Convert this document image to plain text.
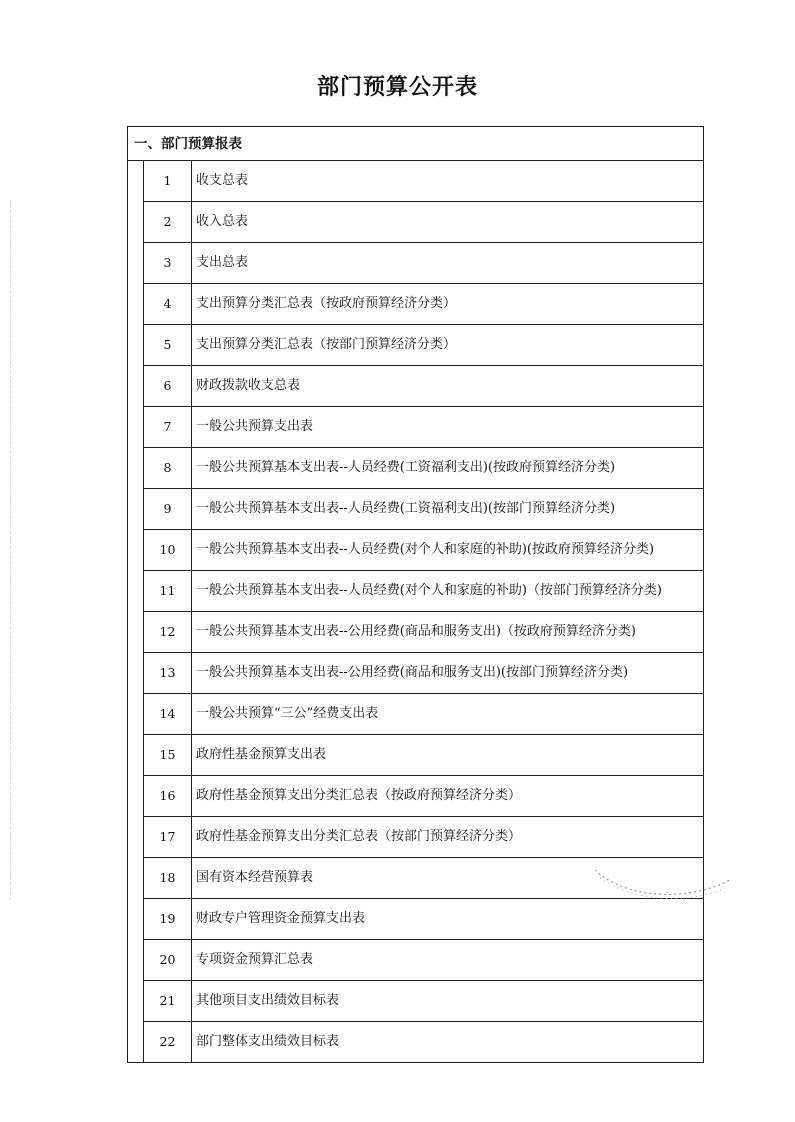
部门预算公开表
一、部门预算报表		
	1	收支总表
	2	收入总表
	3	支出总表
	4	支出预算分类汇总表（按政府预算经济分类）
	5	支出预算分类汇总表（按部门预算经济分类）
	6	财政拨款收支总表
	7	一般公共预算支出表
	8	一般公共预算基本支出表--人员经费(工资福利支出)(按政府预算经济分类)
	9	一般公共预算基本支出表--人员经费(工资福利支出)(按部门预算经济分类)
	10	一般公共预算基本支出表--人员经费(对个人和家庭的补助)(按政府预算经济分类)
	11	一般公共预算基本支出表--人员经费(对个人和家庭的补助)（按部门预算经济分类)
	12	一般公共预算基本支出表--公用经费(商品和服务支出)（按政府预算经济分类)
	13	一般公共预算基本支出表--公用经费(商品和服务支出)(按部门预算经济分类)
	14	一般公共预算“三公”经费支出表
	15	政府性基金预算支出表
	16	政府性基金预算支出分类汇总表（按政府预算经济分类）
	17	政府性基金预算支出分类汇总表（按部门预算经济分类）
	18	国有资本经营预算表
	19	财政专户管理资金预算支出表
	20	专项资金预算汇总表
	21	其他项目支出绩效目标表
	22	部门整体支出绩效目标表
